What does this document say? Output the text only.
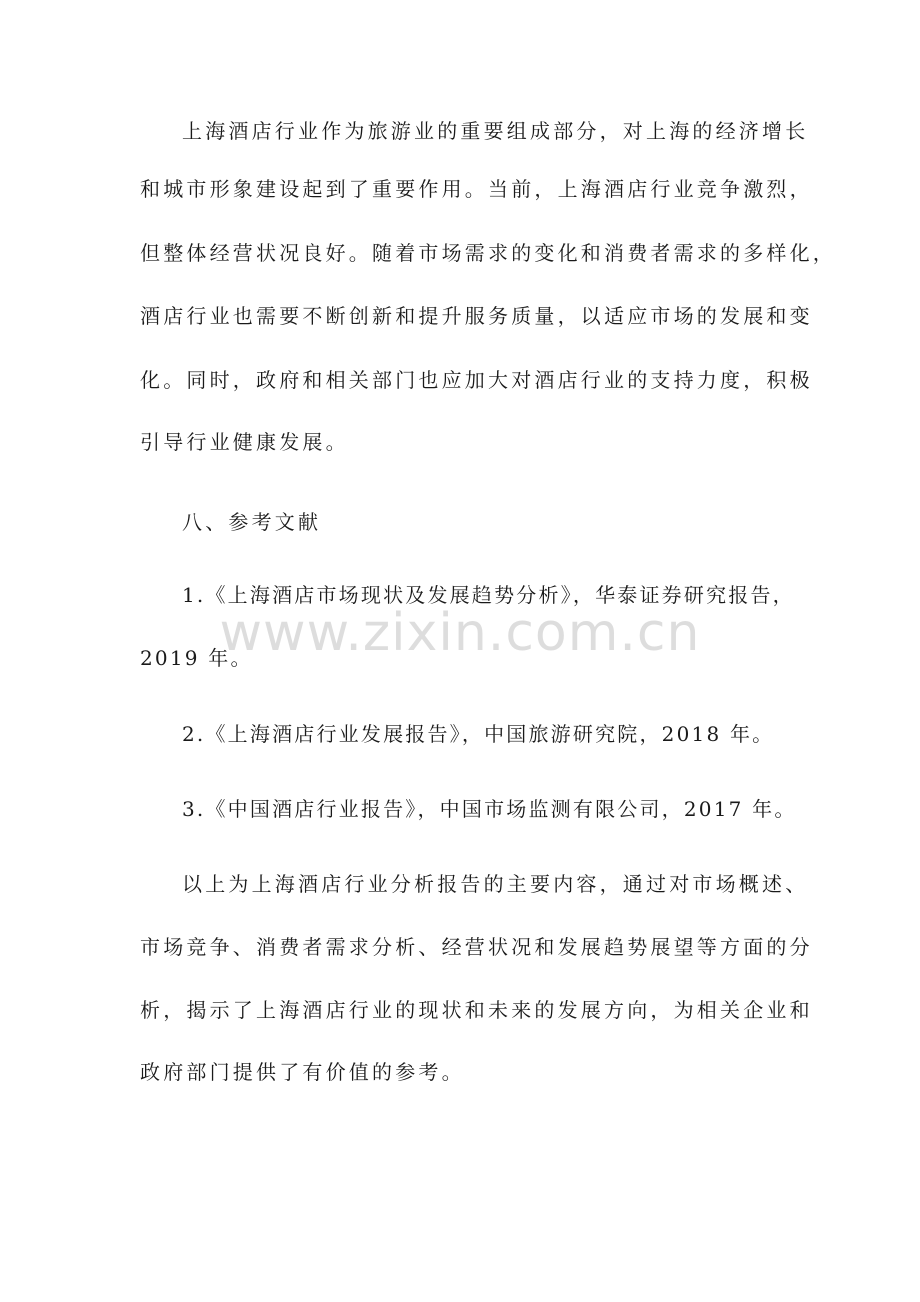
上海酒店行业作为旅游业的重要组成部分，对上海的经济增长
和城市形象建设起到了重要作用。当前，上海酒店行业竞争激烈，
但整体经营状况良好。随着市场需求的变化和消费者需求的多样化，
酒店行业也需要不断创新和提升服务质量，以适应市场的发展和变
化。同时，政府和相关部门也应加大对酒店行业的支持力度，积极
引导行业健康发展。
八、参考文献
1.《上海酒店市场现状及发展趋势分析》，华泰证券研究报告，
2019 年。
2.《上海酒店行业发展报告》，中国旅游研究院，2018 年。
3.《中国酒店行业报告》，中国市场监测有限公司，2017 年。
以上为上海酒店行业分析报告的主要内容，通过对市场概述、
市场竞争、消费者需求分析、经营状况和发展趋势展望等方面的分
析，揭示了上海酒店行业的现状和未来的发展方向，为相关企业和
政府部门提供了有价值的参考。
www.zixin.com.cn
